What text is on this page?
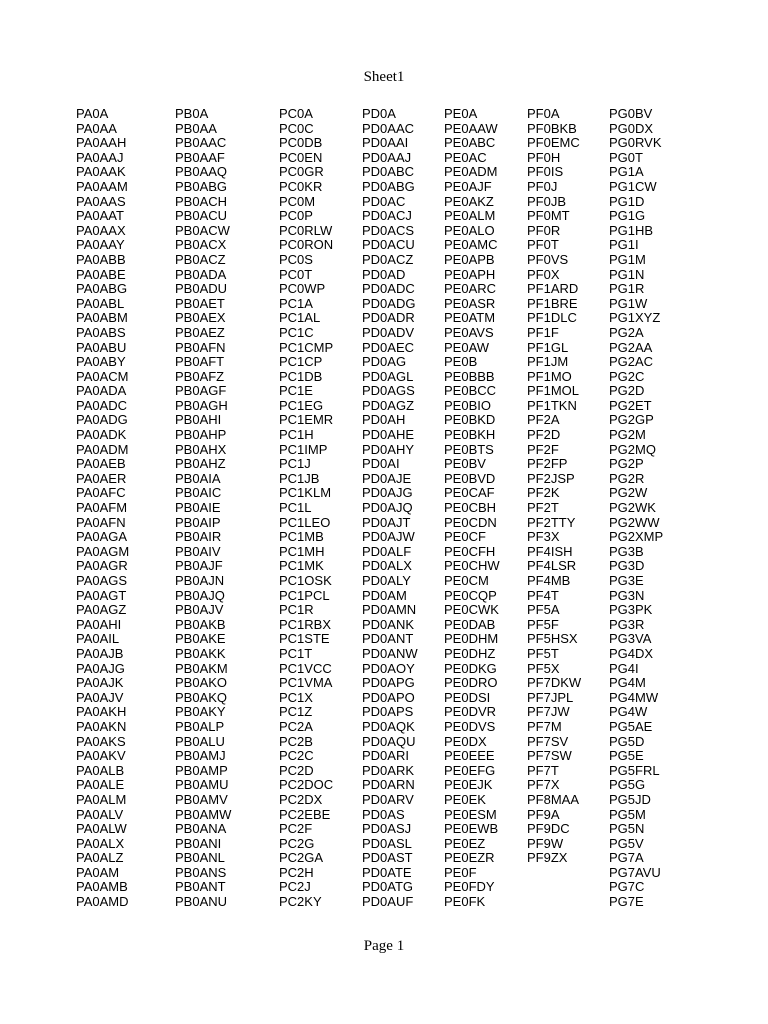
Sheet1
PA0A
PA0AA
PA0AAH
PA0AAJ
PA0AAK
PA0AAM
PA0AAS
PA0AAT
PA0AAX
PA0AAY
PA0ABB
PA0ABE
PA0ABG
PA0ABL
PA0ABM
PA0ABS
PA0ABU
PA0ABY
PA0ACM
PA0ADA
PA0ADC
PA0ADG
PA0ADK
PA0ADM
PA0AEB
PA0AER
PA0AFC
PA0AFM
PA0AFN
PA0AGA
PA0AGM
PA0AGR
PA0AGS
PA0AGT
PA0AGZ
PA0AHI
PA0AIL
PA0AJB
PA0AJG
PA0AJK
PA0AJV
PA0AKH
PA0AKN
PA0AKS
PA0AKV
PA0ALB
PA0ALE
PA0ALM
PA0ALV
PA0ALW
PA0ALX
PA0ALZ
PA0AM
PA0AMB
PA0AMD
PB0A
PB0AA
PB0AAC
PB0AAF
PB0AAQ
PB0ABG
PB0ACH
PB0ACU
PB0ACW
PB0ACX
PB0ACZ
PB0ADA
PB0ADU
PB0AET
PB0AEX
PB0AEZ
PB0AFN
PB0AFT
PB0AFZ
PB0AGF
PB0AGH
PB0AHI
PB0AHP
PB0AHX
PB0AHZ
PB0AIA
PB0AIC
PB0AIE
PB0AIP
PB0AIR
PB0AIV
PB0AJF
PB0AJN
PB0AJQ
PB0AJV
PB0AKB
PB0AKE
PB0AKK
PB0AKM
PB0AKO
PB0AKQ
PB0AKY
PB0ALP
PB0ALU
PB0AMJ
PB0AMP
PB0AMU
PB0AMV
PB0AMW
PB0ANA
PB0ANI
PB0ANL
PB0ANS
PB0ANT
PB0ANU
PC0A
PC0C
PC0DB
PC0EN
PC0GR
PC0KR
PC0M
PC0P
PC0RLW
PC0RON
PC0S
PC0T
PC0WP
PC1A
PC1AL
PC1C
PC1CMP
PC1CP
PC1DB
PC1E
PC1EG
PC1EMR
PC1H
PC1IMP
PC1J
PC1JB
PC1KLM
PC1L
PC1LEO
PC1MB
PC1MH
PC1MK
PC1OSK
PC1PCL
PC1R
PC1RBX
PC1STE
PC1T
PC1VCC
PC1VMA
PC1X
PC1Z
PC2A
PC2B
PC2C
PC2D
PC2DOC
PC2DX
PC2EBE
PC2F
PC2G
PC2GA
PC2H
PC2J
PC2KY
PD0A
PD0AAC
PD0AAI
PD0AAJ
PD0ABC
PD0ABG
PD0AC
PD0ACJ
PD0ACS
PD0ACU
PD0ACZ
PD0AD
PD0ADC
PD0ADG
PD0ADR
PD0ADV
PD0AEC
PD0AG
PD0AGL
PD0AGS
PD0AGZ
PD0AH
PD0AHE
PD0AHY
PD0AI
PD0AJE
PD0AJG
PD0AJQ
PD0AJT
PD0AJW
PD0ALF
PD0ALX
PD0ALY
PD0AM
PD0AMN
PD0ANK
PD0ANT
PD0ANW
PD0AOY
PD0APG
PD0APO
PD0APS
PD0AQK
PD0AQU
PD0ARI
PD0ARK
PD0ARN
PD0ARV
PD0AS
PD0ASJ
PD0ASL
PD0AST
PD0ATE
PD0ATG
PD0AUF
PE0A
PE0AAW
PE0ABC
PE0AC
PE0ADM
PE0AJF
PE0AKZ
PE0ALM
PE0ALO
PE0AMC
PE0APB
PE0APH
PE0ARC
PE0ASR
PE0ATM
PE0AVS
PE0AW
PE0B
PE0BBB
PE0BCC
PE0BIO
PE0BKD
PE0BKH
PE0BTS
PE0BV
PE0BVD
PE0CAF
PE0CBH
PE0CDN
PE0CF
PE0CFH
PE0CHW
PE0CM
PE0CQP
PE0CWK
PE0DAB
PE0DHM
PE0DHZ
PE0DKG
PE0DRO
PE0DSI
PE0DVR
PE0DVS
PE0DX
PE0EEE
PE0EFG
PE0EJK
PE0EK
PE0ESM
PE0EWB
PE0EZ
PE0EZR
PE0F
PE0FDY
PE0FK
PF0A
PF0BKB
PF0EMC
PF0H
PF0IS
PF0J
PF0JB
PF0MT
PF0R
PF0T
PF0VS
PF0X
PF1ARD
PF1BRE
PF1DLC
PF1F
PF1GL
PF1JM
PF1MO
PF1MOL
PF1TKN
PF2A
PF2D
PF2F
PF2FP
PF2JSP
PF2K
PF2T
PF2TTY
PF3X
PF4ISH
PF4LSR
PF4MB
PF4T
PF5A
PF5F
PF5HSX
PF5T
PF5X
PF7DKW
PF7JPL
PF7JW
PF7M
PF7SV
PF7SW
PF7T
PF7X
PF8MAA
PF9A
PF9DC
PF9W
PF9ZX
PG0BV
PG0DX
PG0RVK
PG0T
PG1A
PG1CW
PG1D
PG1G
PG1HB
PG1I
PG1M
PG1N
PG1R
PG1W
PG1XYZ
PG2A
PG2AA
PG2AC
PG2C
PG2D
PG2ET
PG2GP
PG2M
PG2MQ
PG2P
PG2R
PG2W
PG2WK
PG2WW
PG2XMP
PG3B
PG3D
PG3E
PG3N
PG3PK
PG3R
PG3VA
PG4DX
PG4I
PG4M
PG4MW
PG4W
PG5AE
PG5D
PG5E
PG5FRL
PG5G
PG5JD
PG5M
PG5N
PG5V
PG7A
PG7AVU
PG7C
PG7E
Page 1
